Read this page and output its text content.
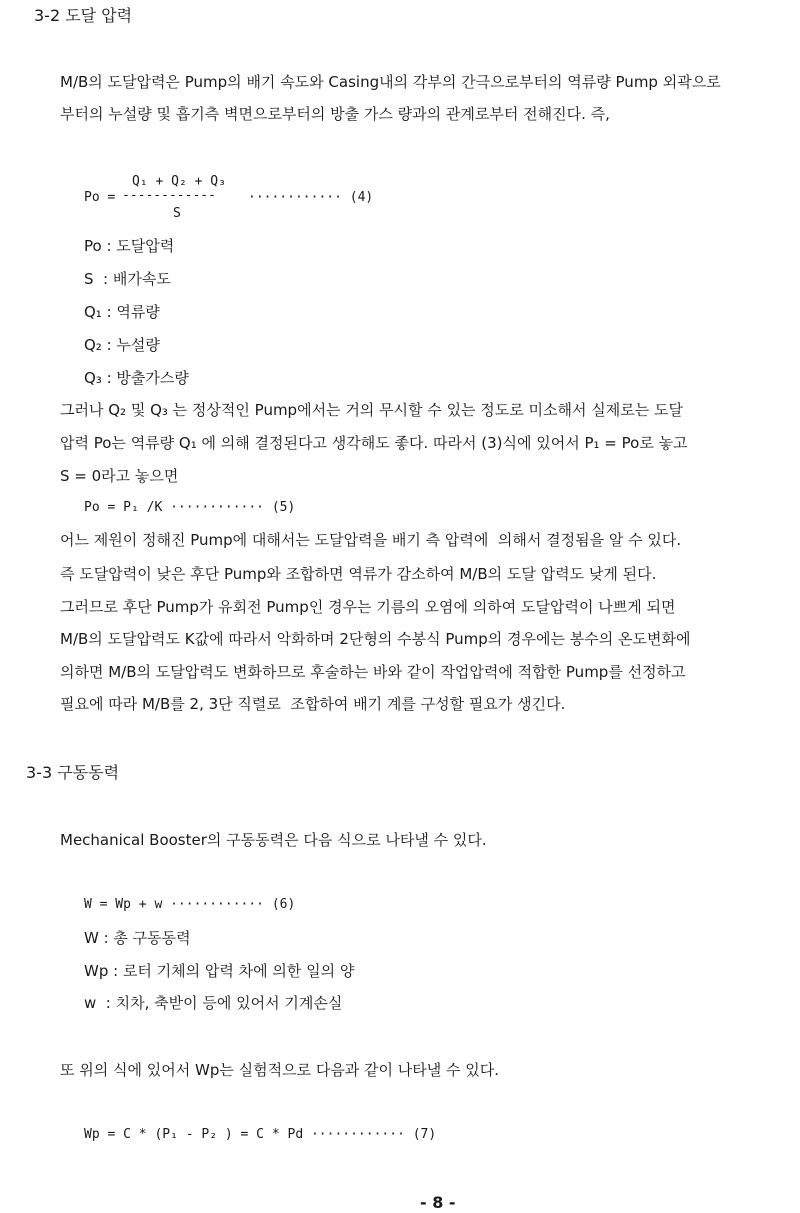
3-2 도달 압력
M/B의 도달압력은 Pump의 배기 속도와 Casing내의 각부의 간극으로부터의 역류량 Pump 외곽으로
부터의 누설량 및 흡기측 벽면으로부터의 방출 가스 량과의 관계로부터 전해진다. 즉,
Q₁ + Q₂ + Q₃
Po = ------------ ············ (4)
S
Po : 도달압력
S  : 배가속도
Q₁ : 역류량
Q₂ : 누설량
Q₃ : 방출가스량
그러나 Q₂ 및 Q₃ 는 정상적인 Pump에서는 거의 무시할 수 있는 정도로 미소해서 실제로는 도달
압력 Po는 역류량 Q₁ 에 의해 결정된다고 생각해도 좋다. 따라서 (3)식에 있어서 P₁ = Po로 놓고
S = 0라고 놓으면
Po = P₁ /K ············ (5)
어느 제원이 정해진 Pump에 대해서는 도달압력을 배기 측 압력에  의해서 결정됨을 알 수 있다.
즉 도달압력이 낮은 후단 Pump와 조합하면 역류가 감소하여 M/B의 도달 압력도 낮게 된다.
그러므로 후단 Pump가 유회전 Pump인 경우는 기름의 오염에 의하여 도달압력이 나쁘게 되면
M/B의 도달압력도 K값에 따라서 악화하며 2단형의 수봉식 Pump의 경우에는 봉수의 온도변화에
의하면 M/B의 도달압력도 변화하므로 후술하는 바와 같이 작업압력에 적합한 Pump를 선정하고
필요에 따라 M/B를 2, 3단 직렬로  조합하여 배기 계를 구성할 필요가 생긴다.
3-3 구동동력
Mechanical Booster의 구동동력은 다음 식으로 나타낼 수 있다.
W = Wp + w ············ (6)
W : 총 구동동력
Wp : 로터 기체의 압력 차에 의한 일의 양
w  : 치차, 축받이 등에 있어서 기계손실
또 위의 식에 있어서 Wp는 실험적으로 다음과 같이 나타낼 수 있다.
Wp = C * (P₁ - P₂ ) = C * Pd ············ (7)
- 8 -
